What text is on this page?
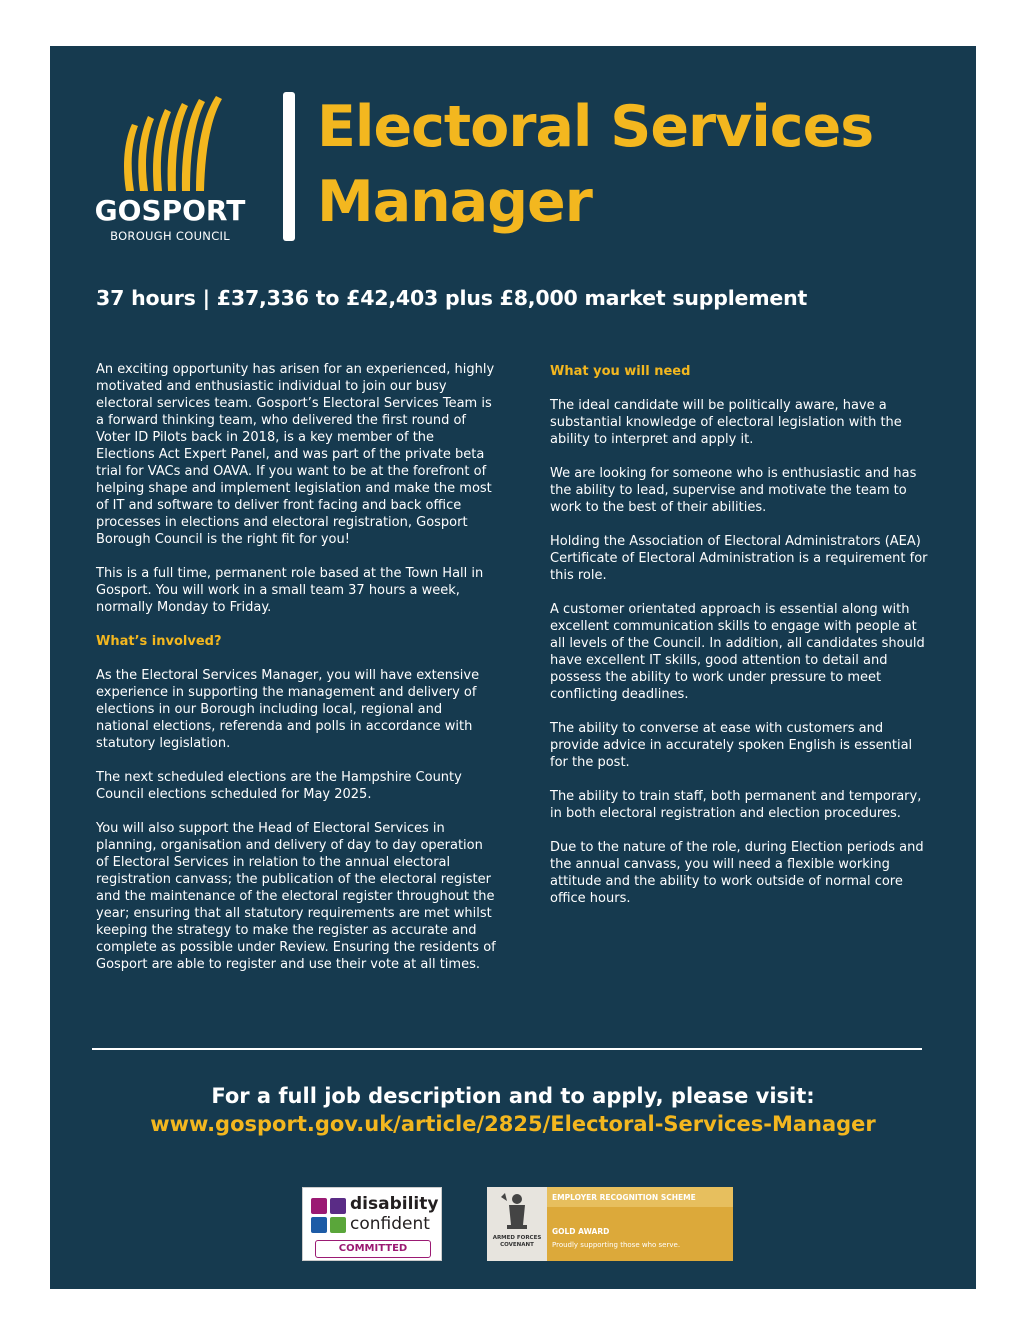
GOSPORT
BOROUGH COUNCIL
Electoral Services
Manager
37 hours | £37,336 to £42,403 plus £8,000 market supplement

An exciting opportunity has arisen for an experienced, highly motivated and enthusiastic individual to join our busy electoral services team. Gosport’s Electoral Services Team is a forward thinking team, who delivered the first round of Voter ID Pilots back in 2018, is a key member of the Elections Act Expert Panel, and was part of the private beta trial for VACs and OAVA. If you want to be at the forefront of helping shape and implement legislation and make the most of IT and software to deliver front facing and back office processes in elections and electoral registration, Gosport Borough Council is the right fit for you!

This is a full time, permanent role based at the Town Hall in Gosport. You will work in a small team 37 hours a week, normally Monday to Friday.

What’s involved?

As the Electoral Services Manager, you will have extensive experience in supporting the management and delivery of elections in our Borough including local, regional and national elections, referenda and polls in accordance with statutory legislation.

The next scheduled elections are the Hampshire County Council elections scheduled for May 2025.

You will also support the Head of Electoral Services in planning, organisation and delivery of day to day operation of Electoral Services in relation to the annual electoral registration canvass; the publication of the electoral register and the maintenance of the electoral register throughout the year; ensuring that all statutory requirements are met whilst keeping the strategy to make the register as accurate and complete as possible under Review. Ensuring the residents of Gosport are able to register and use their vote at all times.

What you will need

The ideal candidate will be politically aware, have a substantial knowledge of electoral legislation with the ability to interpret and apply it.

We are looking for someone who is enthusiastic and has the ability to lead, supervise and motivate the team to work to the best of their abilities.

Holding the Association of Electoral Administrators (AEA) Certificate of Electoral Administration is a requirement for this role.

A customer orientated approach is essential along with excellent communication skills to engage with people at all levels of the Council. In addition, all candidates should have excellent IT skills, good attention to detail and possess the ability to work under pressure to meet conflicting deadlines.

The ability to converse at ease with customers and provide advice in accurately spoken English is essential for the post.

The ability to train staff, both permanent and temporary, in both electoral registration and election procedures.

Due to the nature of the role, during Election periods and the annual canvass, you will need a flexible working attitude and the ability to work outside of normal core office hours.

For a full job description and to apply, please visit:
www.gosport.gov.uk/article/2825/Electoral-Services-Manager
disability
confident
COMMITTED
ARMED FORCES COVENANT
EMPLOYER RECOGNITION SCHEME
GOLD AWARD
Proudly supporting those who serve.
